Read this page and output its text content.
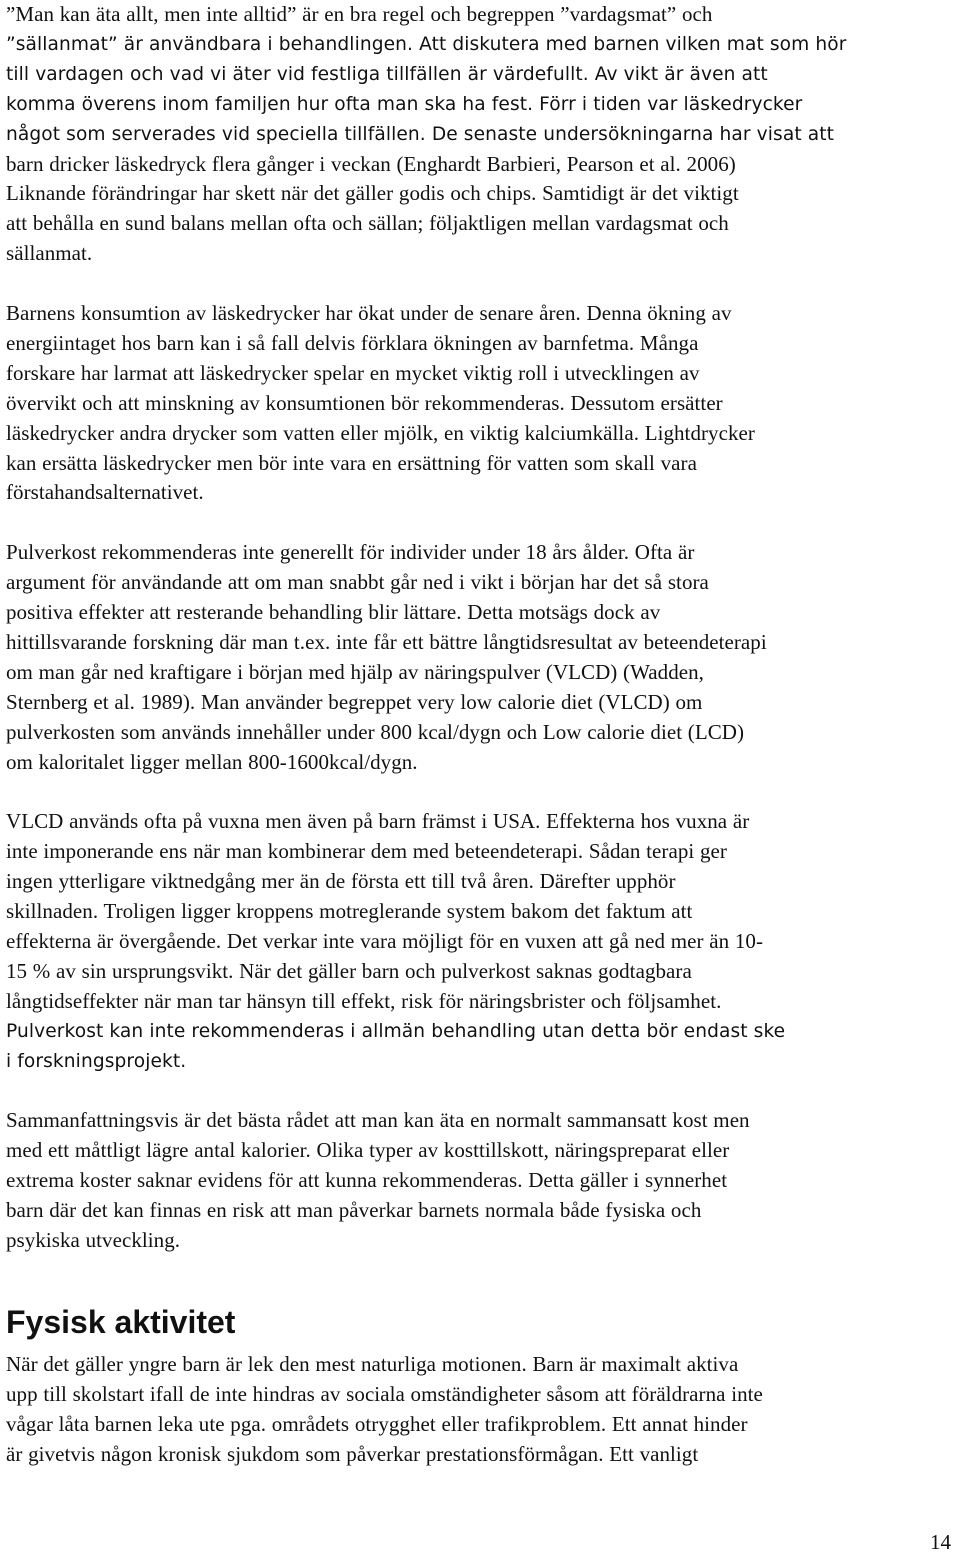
”Man kan äta allt, men inte alltid” är en bra regel och begreppen ”vardagsmat” och
”sällanmat” är användbara i behandlingen. Att diskutera med barnen vilken mat som hör
till vardagen och vad vi äter vid festliga tillfällen är värdefullt. Av vikt är även att
komma överens inom familjen hur ofta man ska ha fest. Förr i tiden var läskedrycker
något som serverades vid speciella tillfällen. De senaste undersökningarna har visat att
barn dricker läskedryck flera gånger i veckan (Enghardt Barbieri, Pearson et al. 2006)
Liknande förändringar har skett när det gäller godis och chips. Samtidigt är det viktigt
att behålla en sund balans mellan ofta och sällan; följaktligen mellan vardagsmat och
sällanmat.
Barnens konsumtion av läskedrycker har ökat under de senare åren. Denna ökning av
energiintaget hos barn kan i så fall delvis förklara ökningen av barnfetma. Många
forskare har larmat att läskedrycker spelar en mycket viktig roll i utvecklingen av
övervikt och att minskning av konsumtionen bör rekommenderas. Dessutom ersätter
läskedrycker andra drycker som vatten eller mjölk, en viktig kalciumkälla. Lightdrycker
kan ersätta läskedrycker men bör inte vara en ersättning för vatten som skall vara
förstahandsalternativet.
Pulverkost rekommenderas inte generellt för individer under 18 års ålder. Ofta är
argument för användande att om man snabbt går ned i vikt i början har det så stora
positiva effekter att resterande behandling blir lättare. Detta motsägs dock av
hittillsvarande forskning där man t.ex. inte får ett bättre långtidsresultat av beteendeterapi
om man går ned kraftigare i början med hjälp av näringspulver (VLCD) (Wadden,
Sternberg et al. 1989). Man använder begreppet very low calorie diet (VLCD) om
pulverkosten som används innehåller under 800 kcal/dygn och Low calorie diet (LCD)
om kaloritalet ligger mellan 800-1600kcal/dygn.
VLCD används ofta på vuxna men även på barn främst i USA. Effekterna hos vuxna är
inte imponerande ens när man kombinerar dem med beteendeterapi. Sådan terapi ger
ingen ytterligare viktnedgång mer än de första ett till två åren. Därefter upphör
skillnaden. Troligen ligger kroppens motreglerande system bakom det faktum att
effekterna är övergående. Det verkar inte vara möjligt för en vuxen att gå ned mer än 10-
15 % av sin ursprungsvikt. När det gäller barn och pulverkost saknas godtagbara
långtidseffekter när man tar hänsyn till effekt, risk för näringsbrister och följsamhet.
Pulverkost kan inte rekommenderas i allmän behandling utan detta bör endast ske
i forskningsprojekt.
Sammanfattningsvis är det bästa rådet att man kan äta en normalt sammansatt kost men
med ett måttligt lägre antal kalorier. Olika typer av kosttillskott, näringspreparat eller
extrema koster saknar evidens för att kunna rekommenderas. Detta gäller i synnerhet
barn där det kan finnas en risk att man påverkar barnets normala både fysiska och
psykiska utveckling.
Fysisk aktivitet
När det gäller yngre barn är lek den mest naturliga motionen. Barn är maximalt aktiva
upp till skolstart ifall de inte hindras av sociala omständigheter såsom att föräldrarna inte
vågar låta barnen leka ute pga. områdets otrygghet eller trafikproblem. Ett annat hinder
är givetvis någon kronisk sjukdom som påverkar prestationsförmågan. Ett vanligt
14
